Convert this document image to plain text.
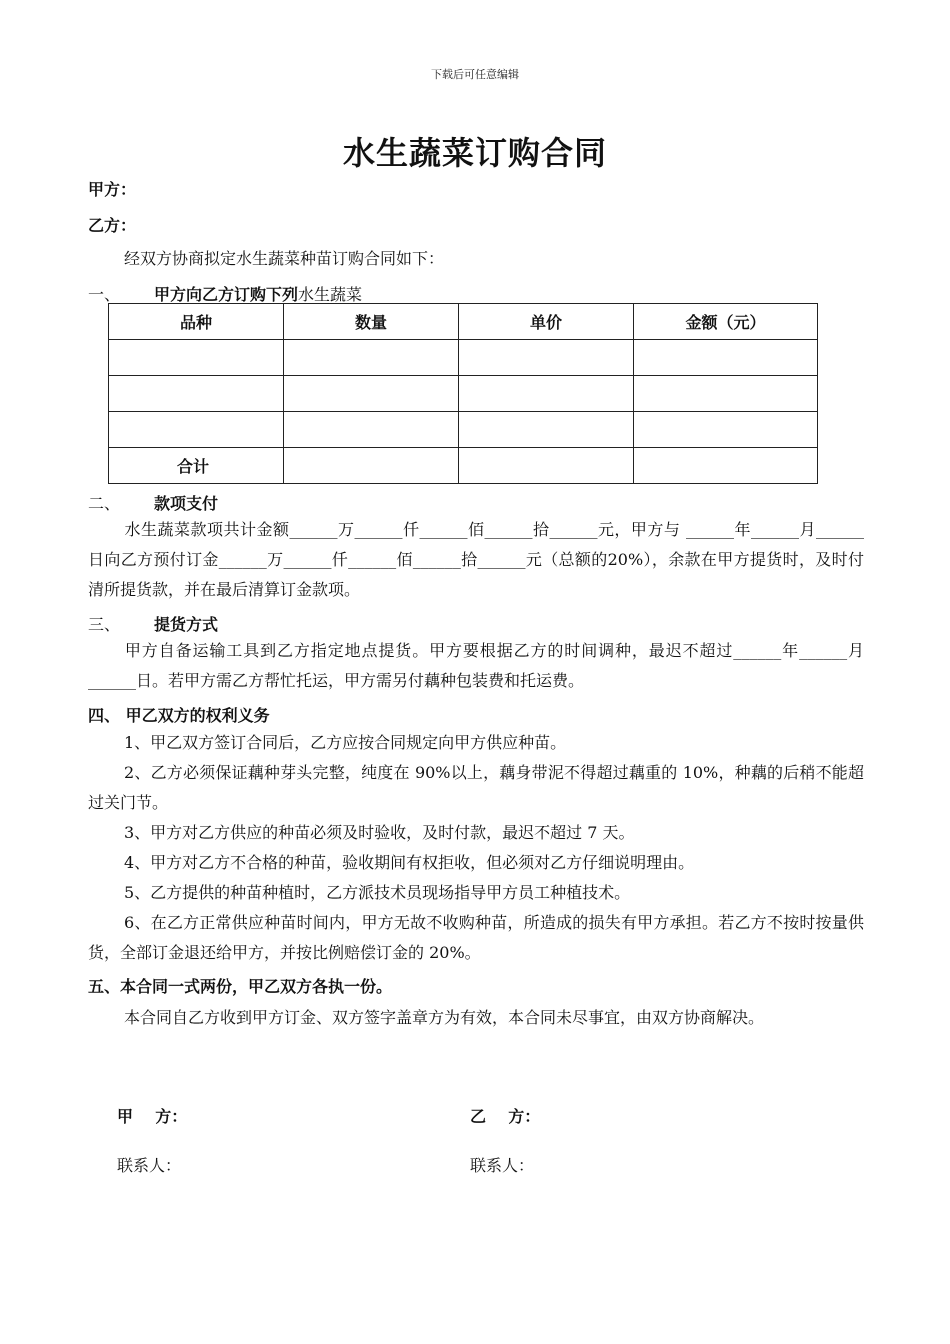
下载后可任意编辑
水生蔬菜订购合同
甲方：
乙方：
经双方协商拟定水生蔬菜种苗订购合同如下：
一、 甲方向乙方订购下列水生蔬菜
品种	数量	单价	金额（元）

合计			
二、 款项支付
水生蔬菜款项共计金额______万______仟______佰______拾______元，甲方与 ______年______月______日向乙方预付订金______万______仟______佰______拾______元（总额的20%），余款在甲方提货时，及时付清所提货款，并在最后清算订金款项。
三、 提货方式
甲方自备运输工具到乙方指定地点提货。甲方要根据乙方的时间调种，最迟不超过______年______月______日。若甲方需乙方帮忙托运，甲方需另付藕种包装费和托运费。
四、 甲乙双方的权利义务
1、甲乙双方签订合同后，乙方应按合同规定向甲方供应种苗。
2、乙方必须保证藕种芽头完整，纯度在 90%以上，藕身带泥不得超过藕重的 10%，种藕的后稍不能超过关门节。
3、甲方对乙方供应的种苗必须及时验收，及时付款，最迟不超过 7 天。
4、甲方对乙方不合格的种苗，验收期间有权拒收，但必须对乙方仔细说明理由。
5、乙方提供的种苗种植时，乙方派技术员现场指导甲方员工种植技术。
6、在乙方正常供应种苗时间内，甲方无故不收购种苗，所造成的损失有甲方承担。若乙方不按时按量供货，全部订金退还给甲方，并按比例赔偿订金的 20%。
五、本合同一式两份，甲乙双方各执一份。
本合同自乙方收到甲方订金、双方签字盖章方为有效，本合同未尽事宜，由双方协商解决。
甲    方：	乙    方：
联系人：	联系人：
